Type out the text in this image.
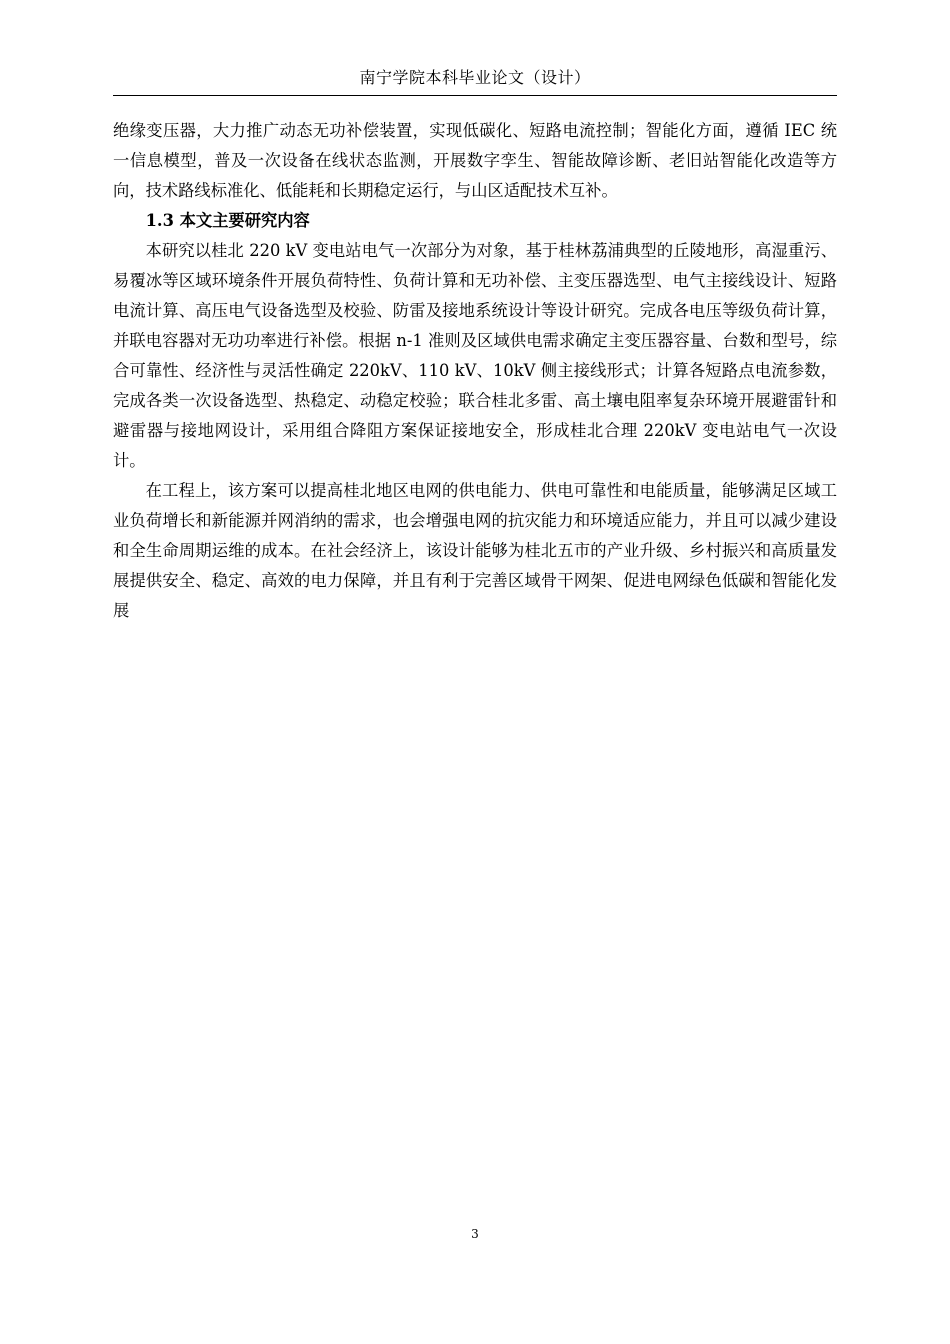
南宁学院本科毕业论文（设计）

绝缘变压器，大力推广动态无功补偿装置，实现低碳化、短路电流控制；智能化方面，遵循 IEC 统一信息模型，普及一次设备在线状态监测，开展数字孪生、智能故障诊断、老旧站智能化改造等方向，技术路线标准化、低能耗和长期稳定运行，与山区适配技术互补。

1.3 本文主要研究内容

本研究以桂北 220 kV 变电站电气一次部分为对象，基于桂林荔浦典型的丘陵地形，高湿重污、易覆冰等区域环境条件开展负荷特性、负荷计算和无功补偿、主变压器选型、电气主接线设计、短路电流计算、高压电气设备选型及校验、防雷及接地系统设计等设计研究。完成各电压等级负荷计算，并联电容器对无功功率进行补偿。根据 n-1 准则及区域供电需求确定主变压器容量、台数和型号，综合可靠性、经济性与灵活性确定 220kV、110 kV、10kV 侧主接线形式；计算各短路点电流参数，完成各类一次设备选型、热稳定、动稳定校验；联合桂北多雷、高土壤电阻率复杂环境开展避雷针和避雷器与接地网设计，采用组合降阻方案保证接地安全，形成桂北合理 220kV 变电站电气一次设计。

在工程上，该方案可以提高桂北地区电网的供电能力、供电可靠性和电能质量，能够满足区域工业负荷增长和新能源并网消纳的需求，也会增强电网的抗灾能力和环境适应能力，并且可以减少建设和全生命周期运维的成本。在社会经济上，该设计能够为桂北五市的产业升级、乡村振兴和高质量发展提供安全、稳定、高效的电力保障，并且有利于完善区域骨干网架、促进电网绿色低碳和智能化发展

3
